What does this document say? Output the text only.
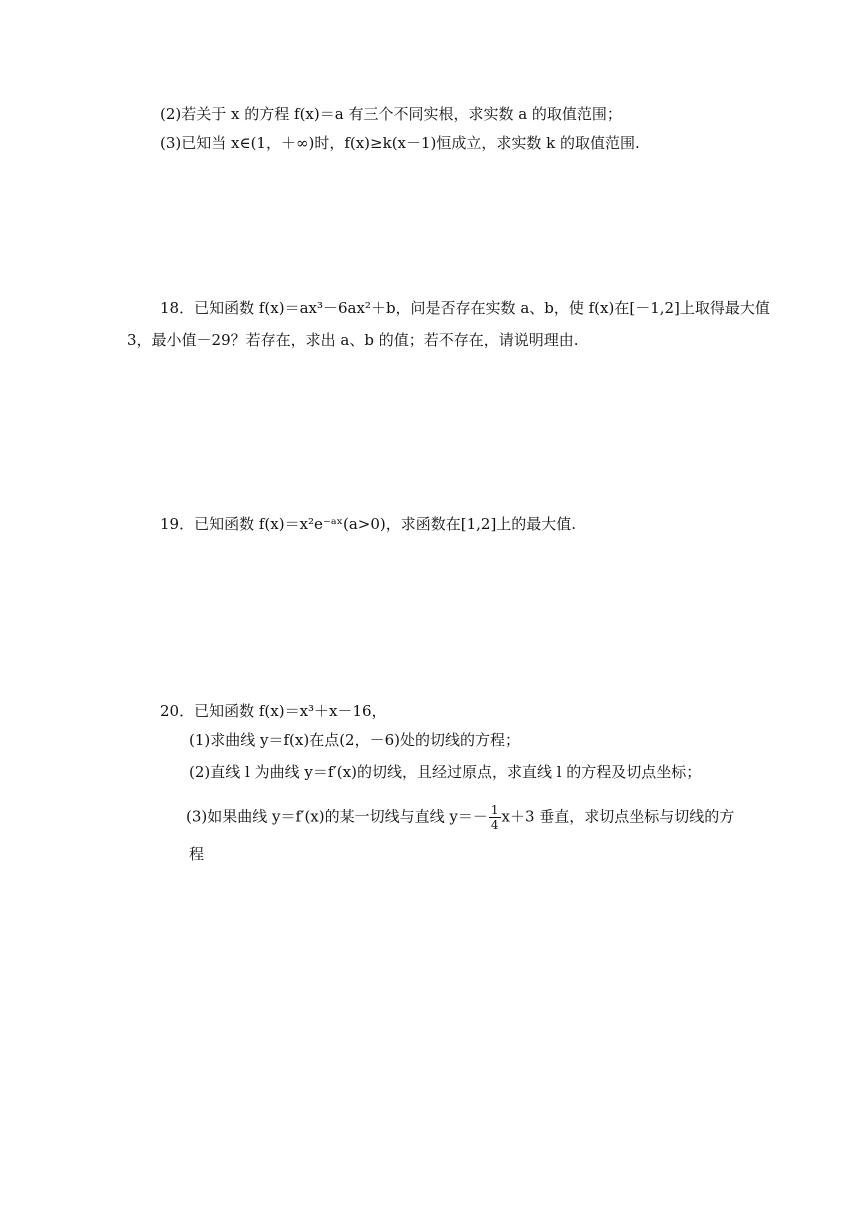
(2)若关于 x 的方程 f(x)＝a 有三个不同实根，求实数 a 的取值范围；
(3)已知当 x∈(1，＋∞)时，f(x)≥k(x－1)恒成立，求实数 k 的取值范围.
18．已知函数 f(x)＝ax³－6ax²＋b，问是否存在实数 a、b，使 f(x)在[－1,2]上取得最大值
3，最小值－29？若存在，求出 a、b 的值；若不存在，请说明理由.
19．已知函数 f(x)＝x²e⁻ᵃˣ(a>0)，求函数在[1,2]上的最大值.
20．已知函数 f(x)＝x³＋x－16，
(1)求曲线 y＝f(x)在点(2，－6)处的切线的方程；
(2)直线 l 为曲线 y＝f′(x)的切线，且经过原点，求直线 l 的方程及切点坐标；
(3)如果曲线 y＝f′(x)的某一切线与直线 $y=- \frac{1}{4} x+3$ 垂直，求切点坐标与切线的方
程
